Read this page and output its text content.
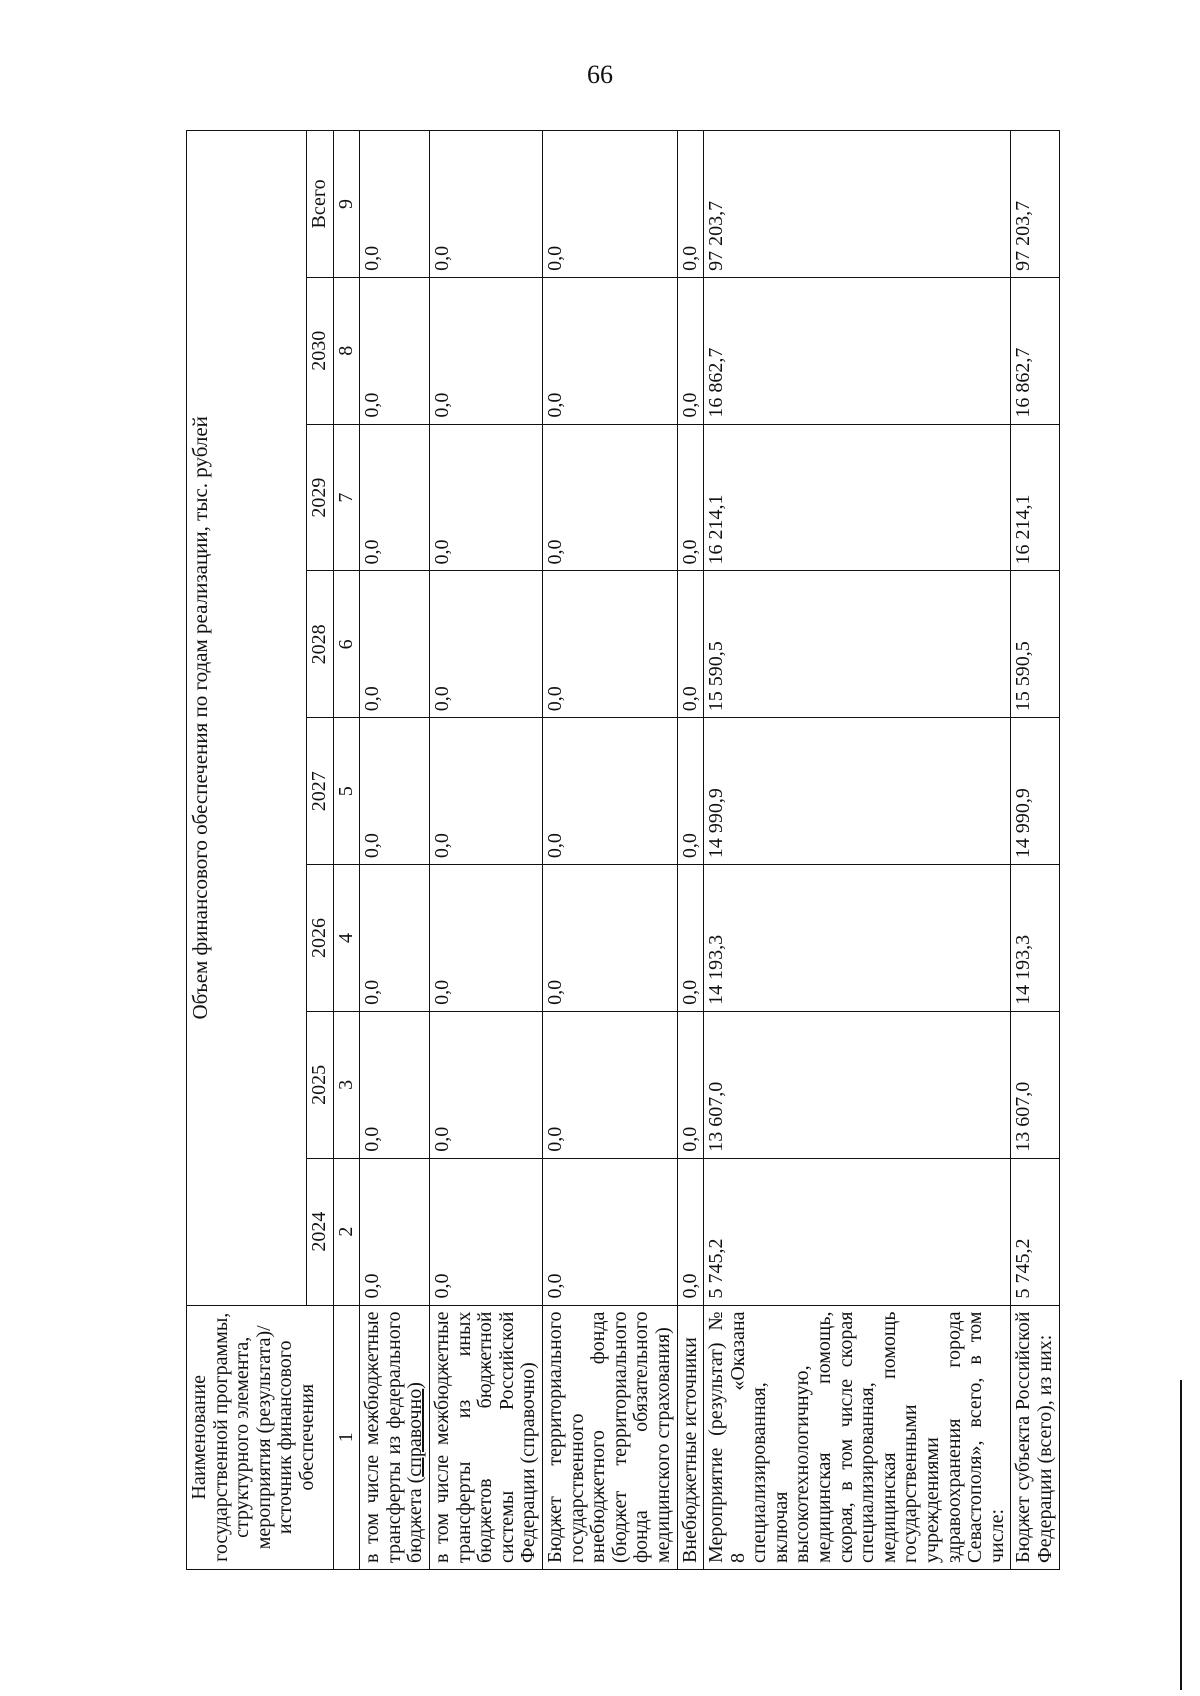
66
Наименование государственной программы, структурного элемента, мероприятия (результата)/источник финансового обеспечения	Объем финансового обеспечения по годам реализации, тыс. рублей							
	2024	2025	2026	2027	2028	2029	2030	Всего
1	2	3	4	5	6	7	8	9
в том числе межбюджетные трансферты из федерального бюджета (справочно)	0,0	0,0	0,0	0,0	0,0	0,0	0,0	0,0
в том числе межбюджетные трансферты из иных бюджетов бюджетной системы Российской Федерации (справочно)	0,0	0,0	0,0	0,0	0,0	0,0	0,0	0,0
Бюджет территориального государственного внебюджетного фонда (бюджет территориального фонда обязательного медицинского страхования)	0,0	0,0	0,0	0,0	0,0	0,0	0,0	0,0
Внебюджетные источники	0,0	0,0	0,0	0,0	0,0	0,0	0,0	0,0
Мероприятие (результат) № 8 «Оказана специализированная, включая высокотехнологичную, медицинская помощь, скорая, в том числе скорая специализированная, медицинская помощь государственными учреждениями здравоохранения города Севастополя», всего, в том числе:	5 745,2	13 607,0	14 193,3	14 990,9	15 590,5	16 214,1	16 862,7	97 203,7
Бюджет субъекта Российской Федерации (всего), из них:	5 745,2	13 607,0	14 193,3	14 990,9	15 590,5	16 214,1	16 862,7	97 203,7
